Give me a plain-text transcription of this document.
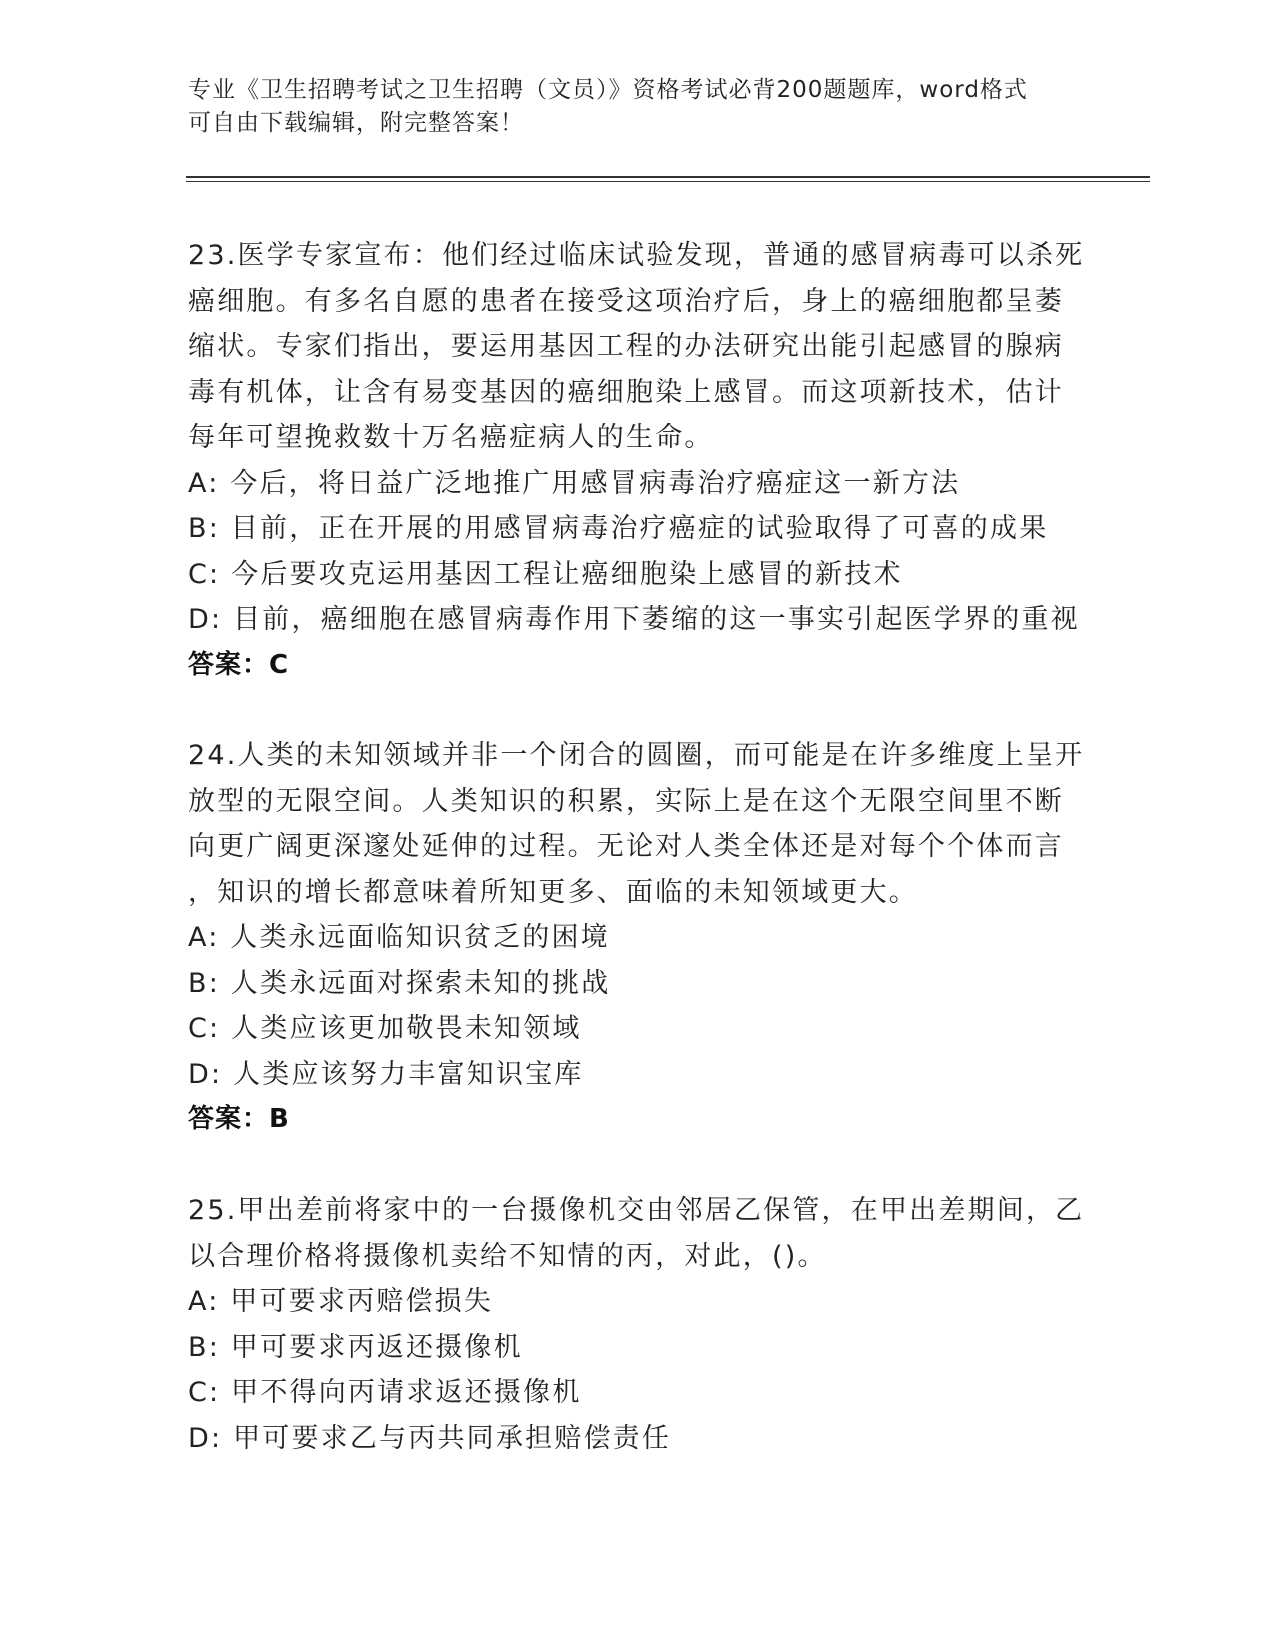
专业《卫生招聘考试之卫生招聘（文员）》资格考试必背200题题库，word格式

可自由下载编辑，附完整答案！

23.医学专家宣布：他们经过临床试验发现，普通的感冒病毒可以杀死

癌细胞。有多名自愿的患者在接受这项治疗后，身上的癌细胞都呈萎

缩状。专家们指出，要运用基因工程的办法研究出能引起感冒的腺病

毒有机体，让含有易变基因的癌细胞染上感冒。而这项新技术，估计

每年可望挽救数十万名癌症病人的生命。

A: 今后，将日益广泛地推广用感冒病毒治疗癌症这一新方法

B: 目前，正在开展的用感冒病毒治疗癌症的试验取得了可喜的成果

C: 今后要攻克运用基因工程让癌细胞染上感冒的新技术

D: 目前，癌细胞在感冒病毒作用下萎缩的这一事实引起医学界的重视

答案：C

24.人类的未知领域并非一个闭合的圆圈，而可能是在许多维度上呈开

放型的无限空间。人类知识的积累，实际上是在这个无限空间里不断

向更广阔更深邃处延伸的过程。无论对人类全体还是对每个个体而言

，知识的增长都意味着所知更多、面临的未知领域更大。

A: 人类永远面临知识贫乏的困境

B: 人类永远面对探索未知的挑战

C: 人类应该更加敬畏未知领域

D: 人类应该努力丰富知识宝库

答案：B

25.甲出差前将家中的一台摄像机交由邻居乙保管，在甲出差期间，乙

以合理价格将摄像机卖给不知情的丙，对此，()。

A: 甲可要求丙赔偿损失

B: 甲可要求丙返还摄像机

C: 甲不得向丙请求返还摄像机

D: 甲可要求乙与丙共同承担赔偿责任
